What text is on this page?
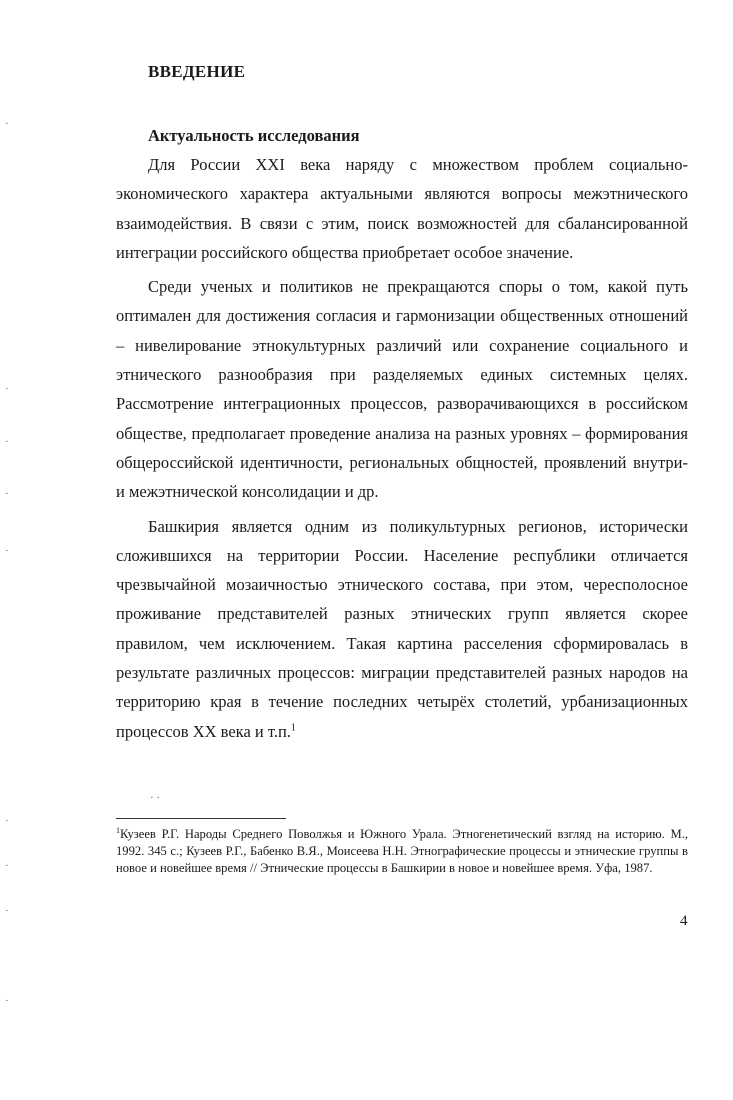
ВВЕДЕНИЕ
Актуальность исследования

Для России XXI века наряду с множеством проблем социально-экономического характера актуальными являются вопросы межэтнического взаимодействия. В связи с этим, поиск возможностей для сбалансированной интеграции российского общества приобретает особое значение.

Среди ученых и политиков не прекращаются споры о том, какой путь оптимален для достижения согласия и гармонизации общественных отношений – нивелирование этнокультурных различий или сохранение социального и этнического разнообразия при разделяемых единых системных целях. Рассмотрение интеграционных процессов, разворачивающихся в российском обществе, предполагает проведение анализа на разных уровнях – формирования общероссийской идентичности, региональных общностей, проявлений внутри- и межэтнической консолидации и др.

Башкирия является одним из поликультурных регионов, исторически сложившихся на территории России. Население республики отличается чрезвычайной мозаичностью этнического состава, при этом, чересполосное проживание представителей разных этнических групп является скорее правилом, чем исключением. Такая картина расселения сформировалась в результате различных процессов: миграции представителей разных народов на территорию края в течение последних четырёх столетий, урбанизационных процессов XX века и т.п.$^1$

$^1$Кузеев Р.Г. Народы Среднего Поволжья и Южного Урала. Этногенетический взгляд на историю. М., 1992. 345 с.; Кузеев Р.Г., Бабенко В.Я., Моисеева Н.Н. Этнографические процессы и этнические группы в новое и новейшее время // Этнические процессы в Башкирии в новое и новейшее время. Уфа, 1987.
4
·
·
·
·
·
·
·
·
·
· ·
